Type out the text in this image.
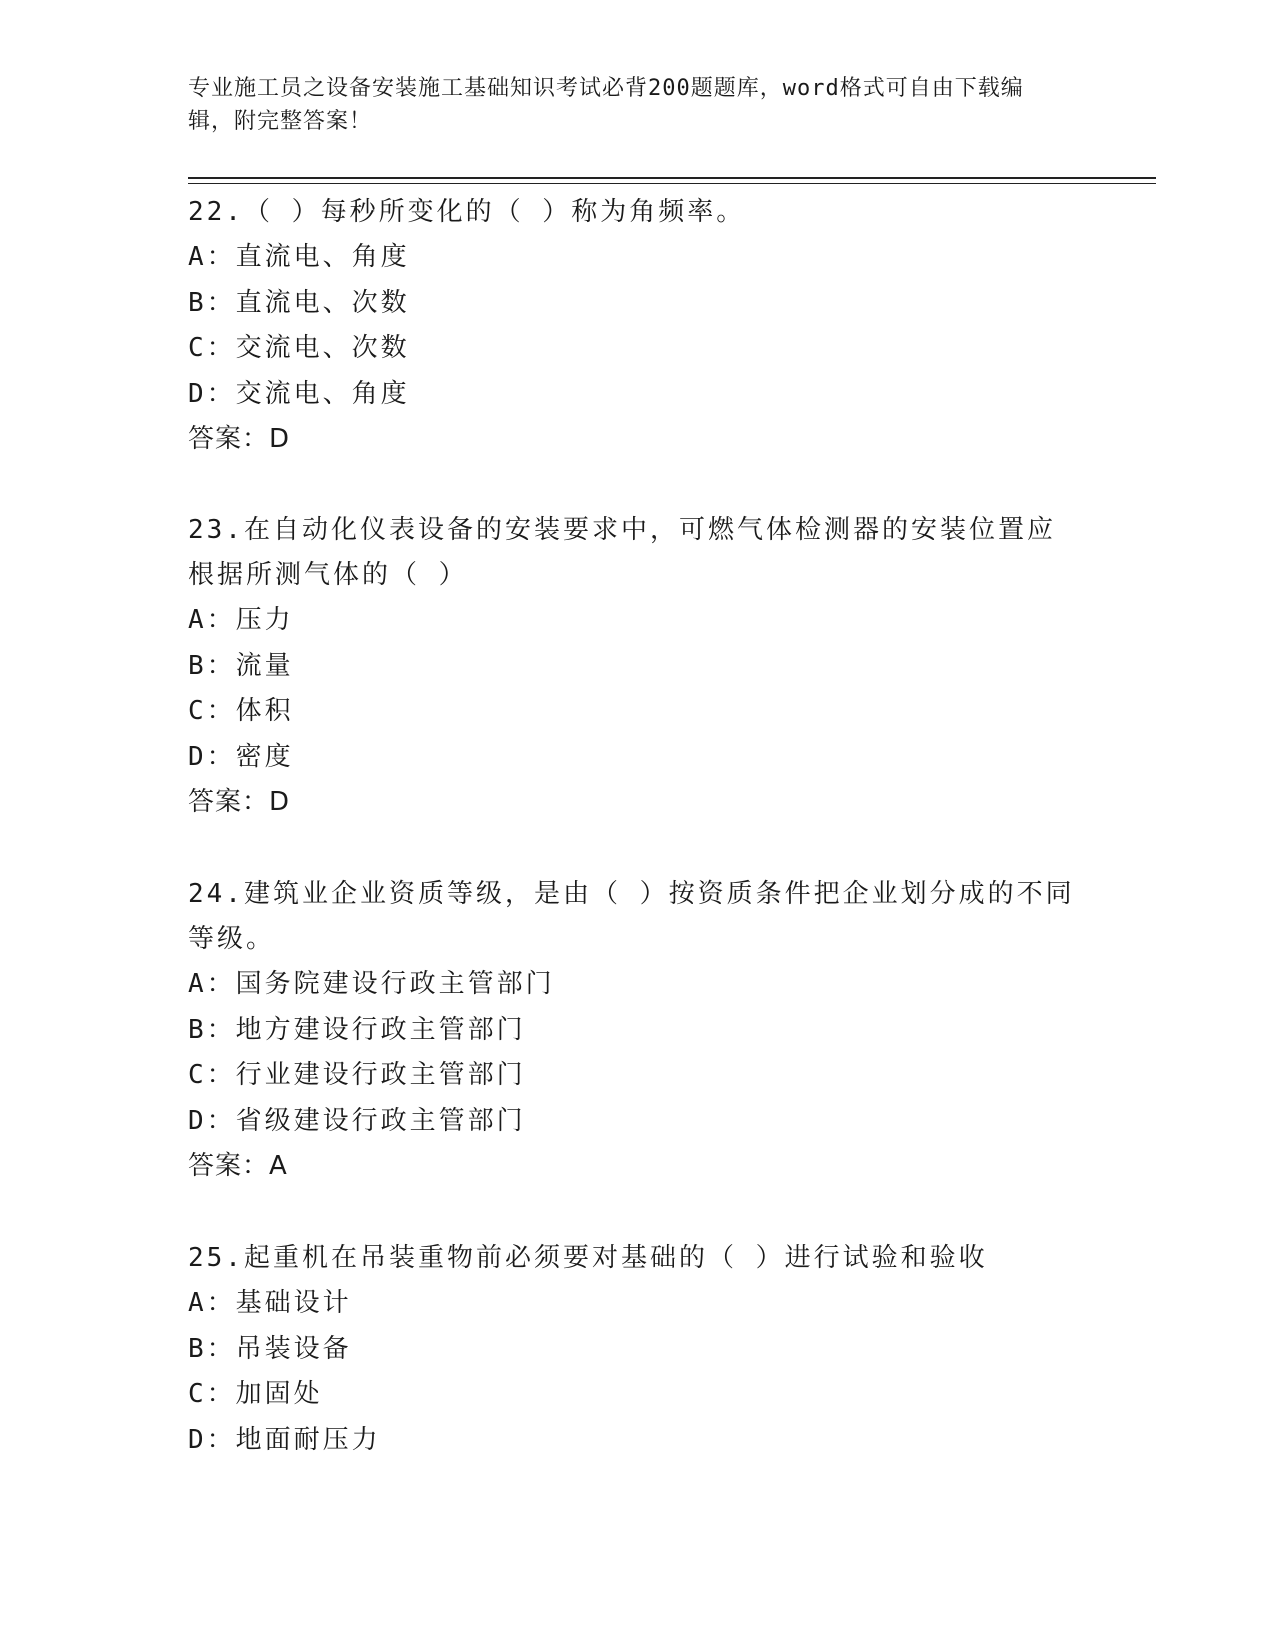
专业施工员之设备安装施工基础知识考试必背200题题库，word格式可自由下载编辑，附完整答案！
22.（ ）每秒所变化的（ ）称为角频率。
A：直流电、角度
B：直流电、次数
C：交流电、次数
D：交流电、角度
答案：D
23.在自动化仪表设备的安装要求中，可燃气体检测器的安装位置应根据所测气体的（ ）
A：压力
B：流量
C：体积
D：密度
答案：D
24.建筑业企业资质等级，是由（ ）按资质条件把企业划分成的不同等级。
A：国务院建设行政主管部门
B：地方建设行政主管部门
C：行业建设行政主管部门
D：省级建设行政主管部门
答案：A
25.起重机在吊装重物前必须要对基础的（ ）进行试验和验收
A：基础设计
B：吊装设备
C：加固处
D：地面耐压力
